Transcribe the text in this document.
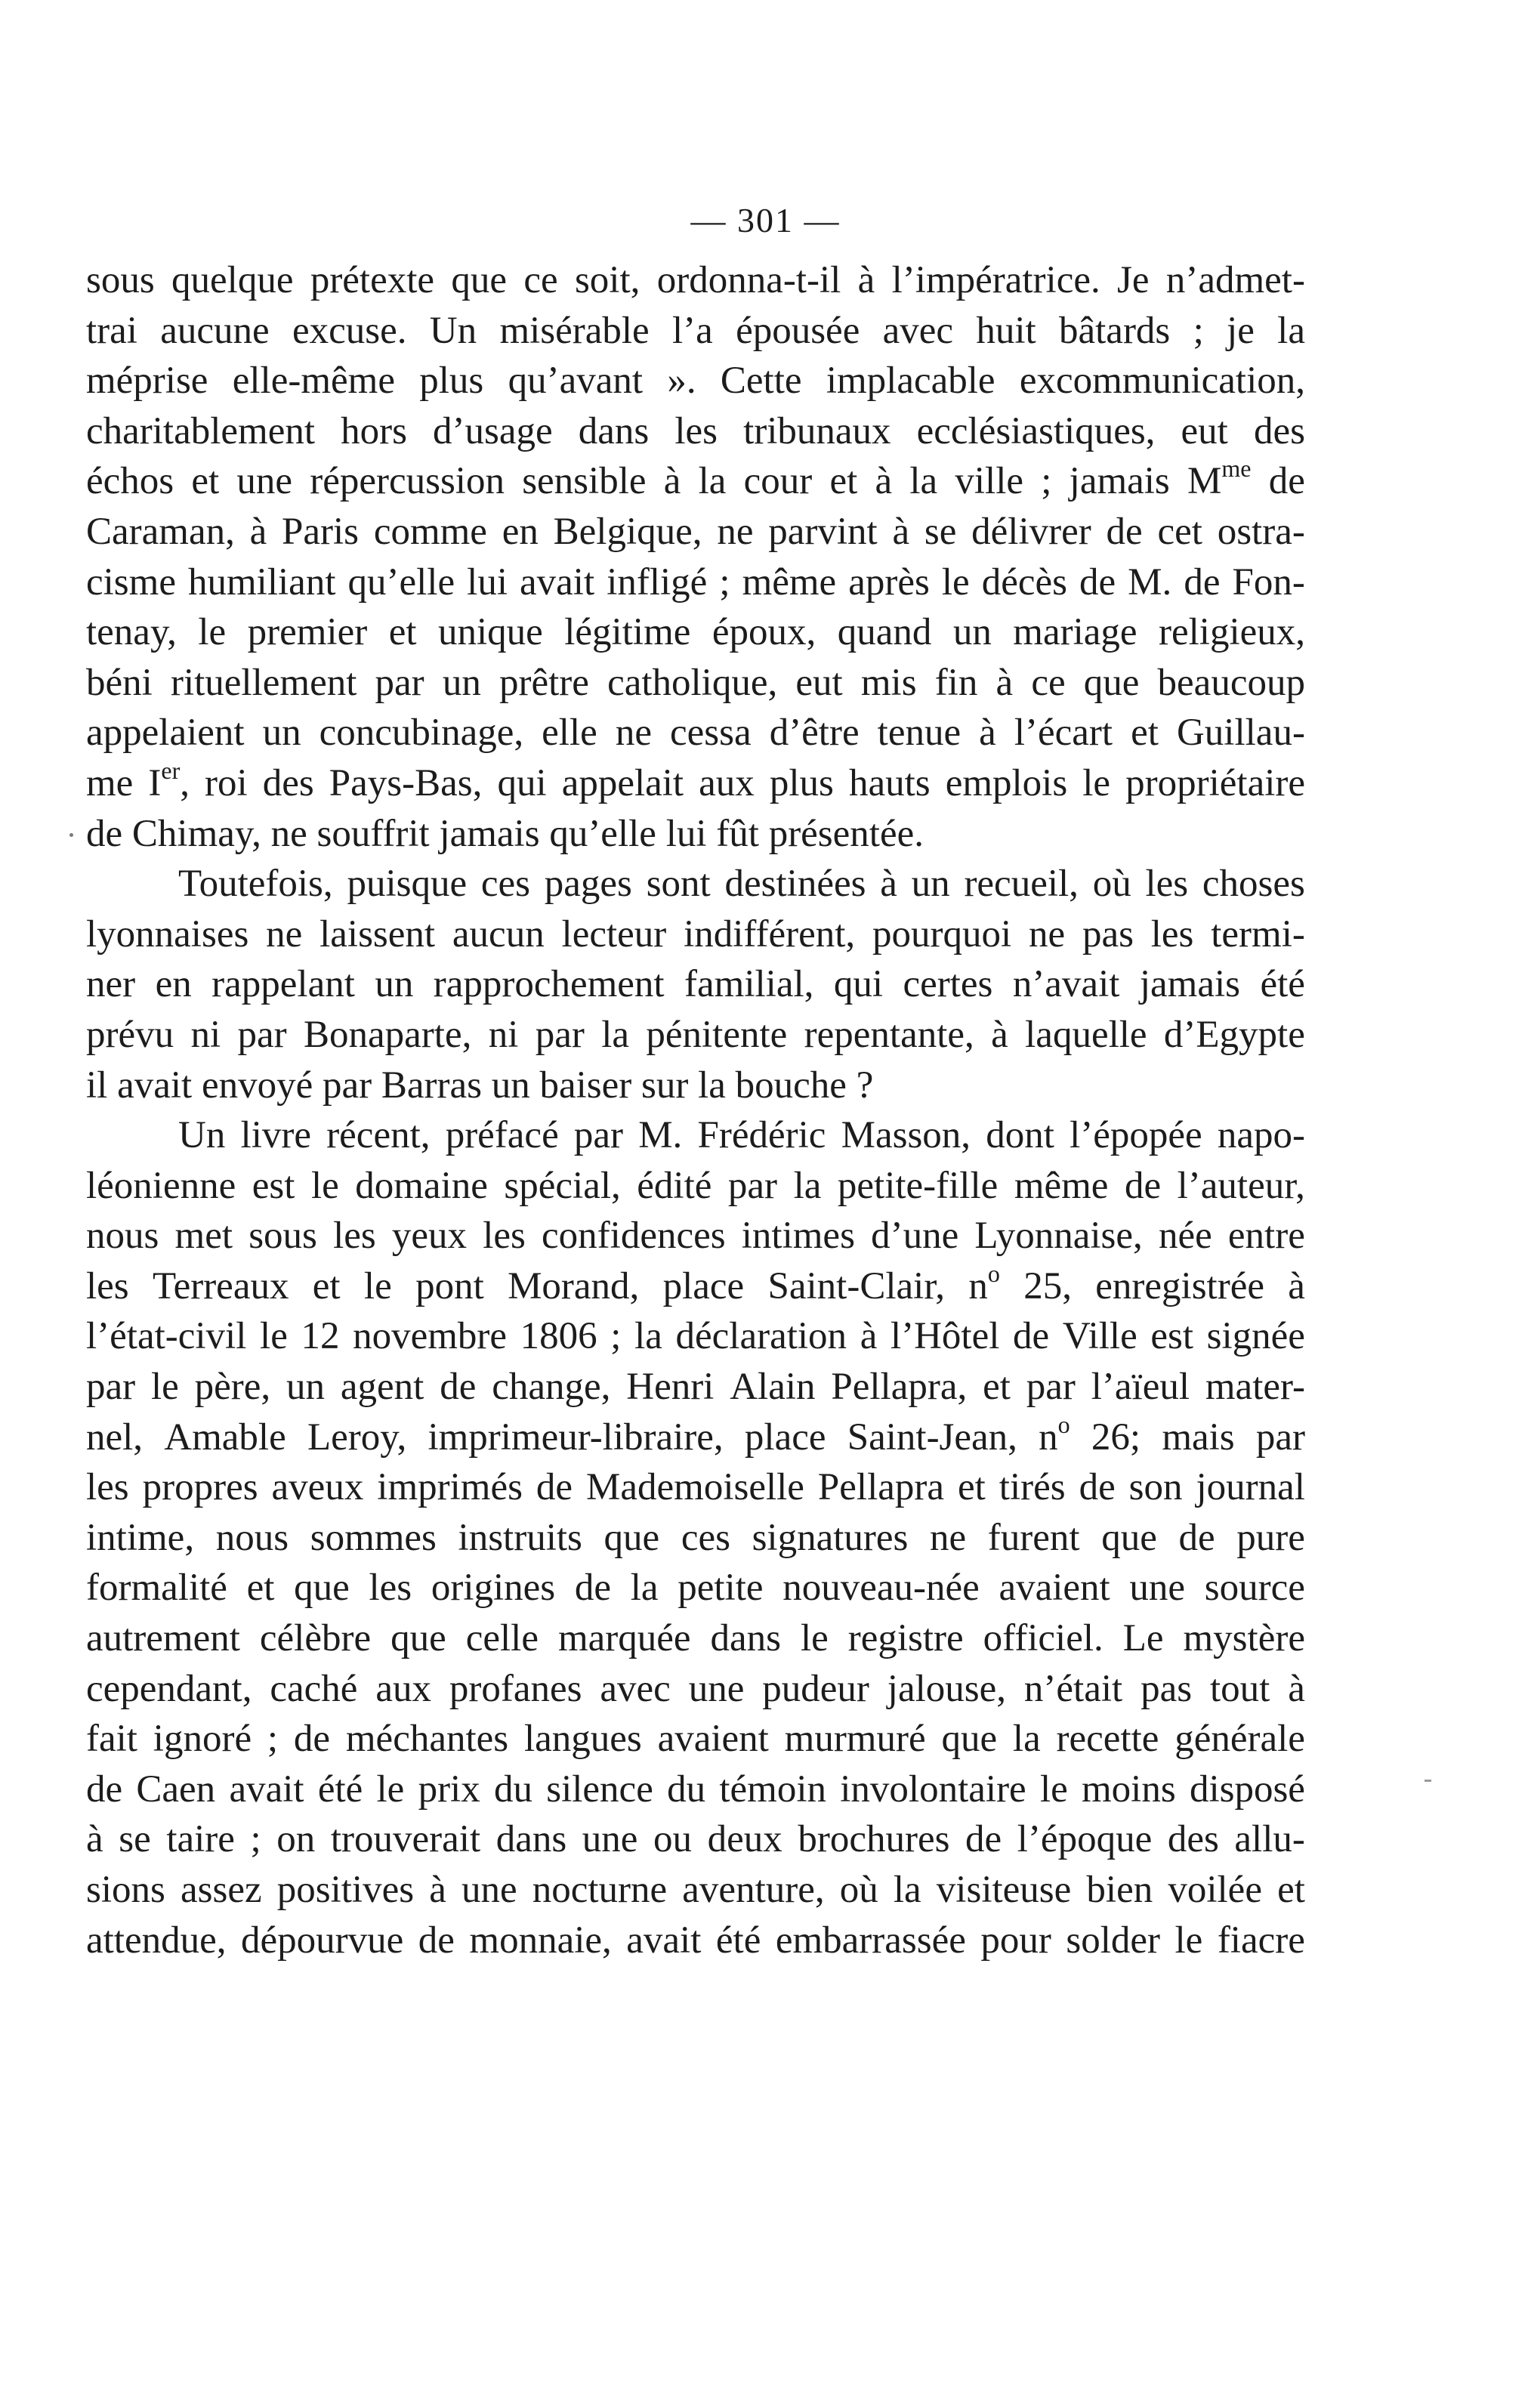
— 301 —
sous quelque prétexte que ce soit, ordonna-t-il à l’impératrice. Je n’admet-
trai aucune excuse. Un misérable l’a épousée avec huit bâtards ; je la
méprise elle-même plus qu’avant ». Cette implacable excommunication,
charitablement hors d’usage dans les tribunaux ecclésiastiques, eut des
échos et une répercussion sensible à la cour et à la ville ; jamais $M^{me}$ de
Caraman, à Paris comme en Belgique, ne parvint à se délivrer de cet ostra-
cisme humiliant qu’elle lui avait infligé ; même après le décès de M. de Fon-
tenay, le premier et unique légitime époux, quand un mariage religieux,
béni rituellement par un prêtre catholique, eut mis fin à ce que beaucoup
appelaient un concubinage, elle ne cessa d’être tenue à l’écart et Guillau-
me Ier, roi des Pays-Bas, qui appelait aux plus hauts emplois le propriétaire
de Chimay, ne souffrit jamais qu’elle lui fût présentée.
Toutefois, puisque ces pages sont destinées à un recueil, où les choses
lyonnaises ne laissent aucun lecteur indifférent, pourquoi ne pas les termi-
ner en rappelant un rapprochement familial, qui certes n’avait jamais été
prévu ni par Bonaparte, ni par la pénitente repentante, à laquelle d’Egypte
il avait envoyé par Barras un baiser sur la bouche ?
Un livre récent, préfacé par M. Frédéric Masson, dont l’épopée napo-
léonienne est le domaine spécial, édité par la petite-fille même de l’auteur,
nous met sous les yeux les confidences intimes d’une Lyonnaise, née entre
les Terreaux et le pont Morand, place Saint-Clair, $n^o$ 25, enregistrée à
l’état-civil le 12 novembre 1806 ; la déclaration à l’Hôtel de Ville est signée
par le père, un agent de change, Henri Alain Pellapra, et par l’aïeul mater-
nel, Amable Leroy, imprimeur-libraire, place Saint-Jean, $n^o$ 26; mais par
les propres aveux imprimés de Mademoiselle Pellapra et tirés de son journal
intime, nous sommes instruits que ces signatures ne furent que de pure
formalité et que les origines de la petite nouveau-née avaient une source
autrement célèbre que celle marquée dans le registre officiel. Le mystère
cependant, caché aux profanes avec une pudeur jalouse, n’était pas tout à
fait ignoré ; de méchantes langues avaient murmuré que la recette générale
de Caen avait été le prix du silence du témoin involontaire le moins disposé
à se taire ; on trouverait dans une ou deux brochures de l’époque des allu-
sions assez positives à une nocturne aventure, où la visiteuse bien voilée et
attendue, dépourvue de monnaie, avait été embarrassée pour solder le fiacre
